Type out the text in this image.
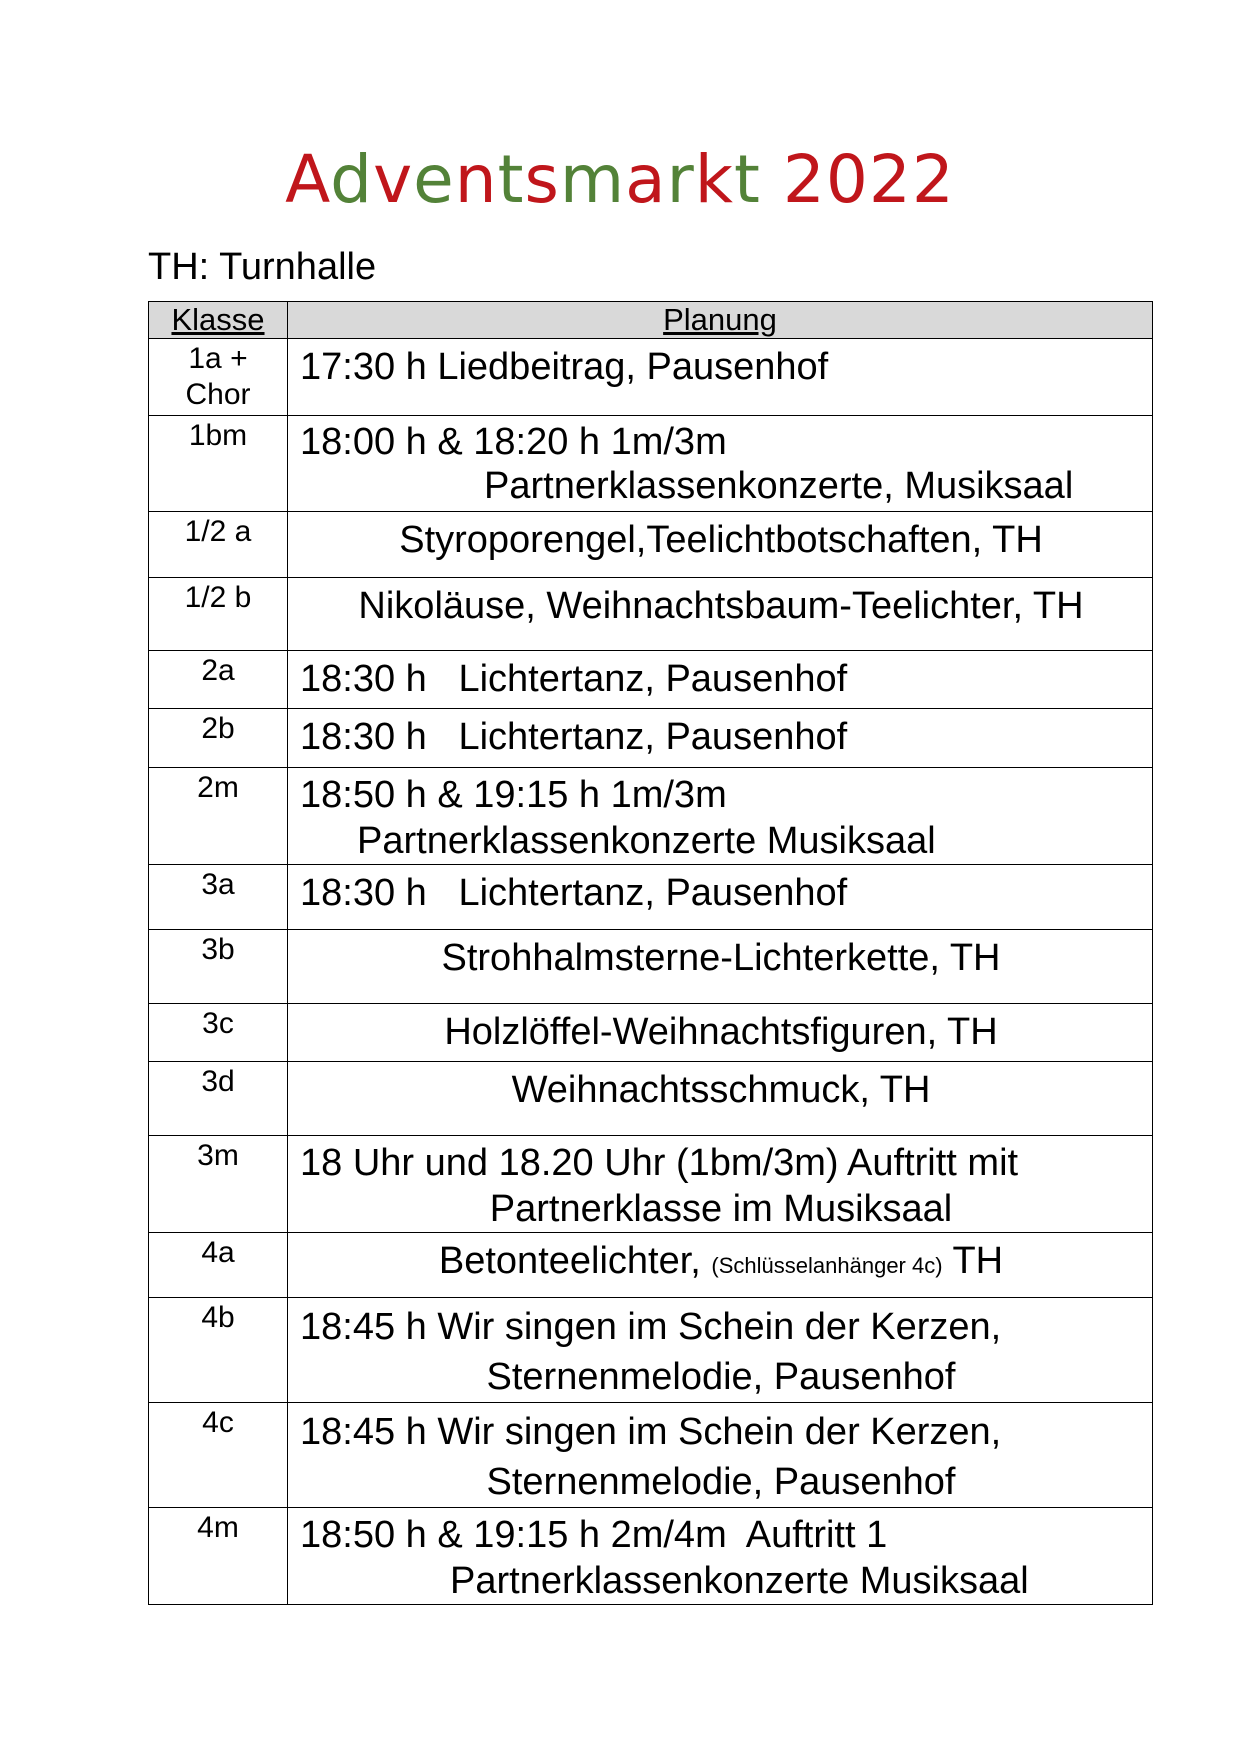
Adventsmarkt 2022
TH: Turnhalle
Klasse	Planung
1a + Chor	17:30 h Liedbeitrag, Pausenhof

1bm	18:00 h & 18:20 h 1m/3m
Partnerklassenkonzerte, Musiksaal

1/2 a	Styroporengel,Teelichtbotschaften, TH

1/2 b	Nikoläuse, Weihnachtsbaum-Teelichter, TH

2a	18:30 h   Lichtertanz, Pausenhof

2b	18:30 h   Lichtertanz, Pausenhof

2m	18:50 h & 19:15 h 1m/3m
Partnerklassenkonzerte Musiksaal

3a	18:30 h   Lichtertanz, Pausenhof

3b	Strohhalmsterne-Lichterkette, TH

3c	Holzlöffel-Weihnachtsfiguren, TH

3d	Weihnachtsschmuck, TH

3m	18 Uhr und 18.20 Uhr (1bm/3m) Auftritt mit
Partnerklasse im Musiksaal

4a	Betonteelichter, (Schlüsselanhänger 4c) TH
4b	18:45 h Wir singen im Schein der Kerzen,
Sternenmelodie, Pausenhof

4c	18:45 h Wir singen im Schein der Kerzen,
Sternenmelodie, Pausenhof

4m	18:50 h & 19:15 h 2m/4m  Auftritt 1
Partnerklassenkonzerte Musiksaal
